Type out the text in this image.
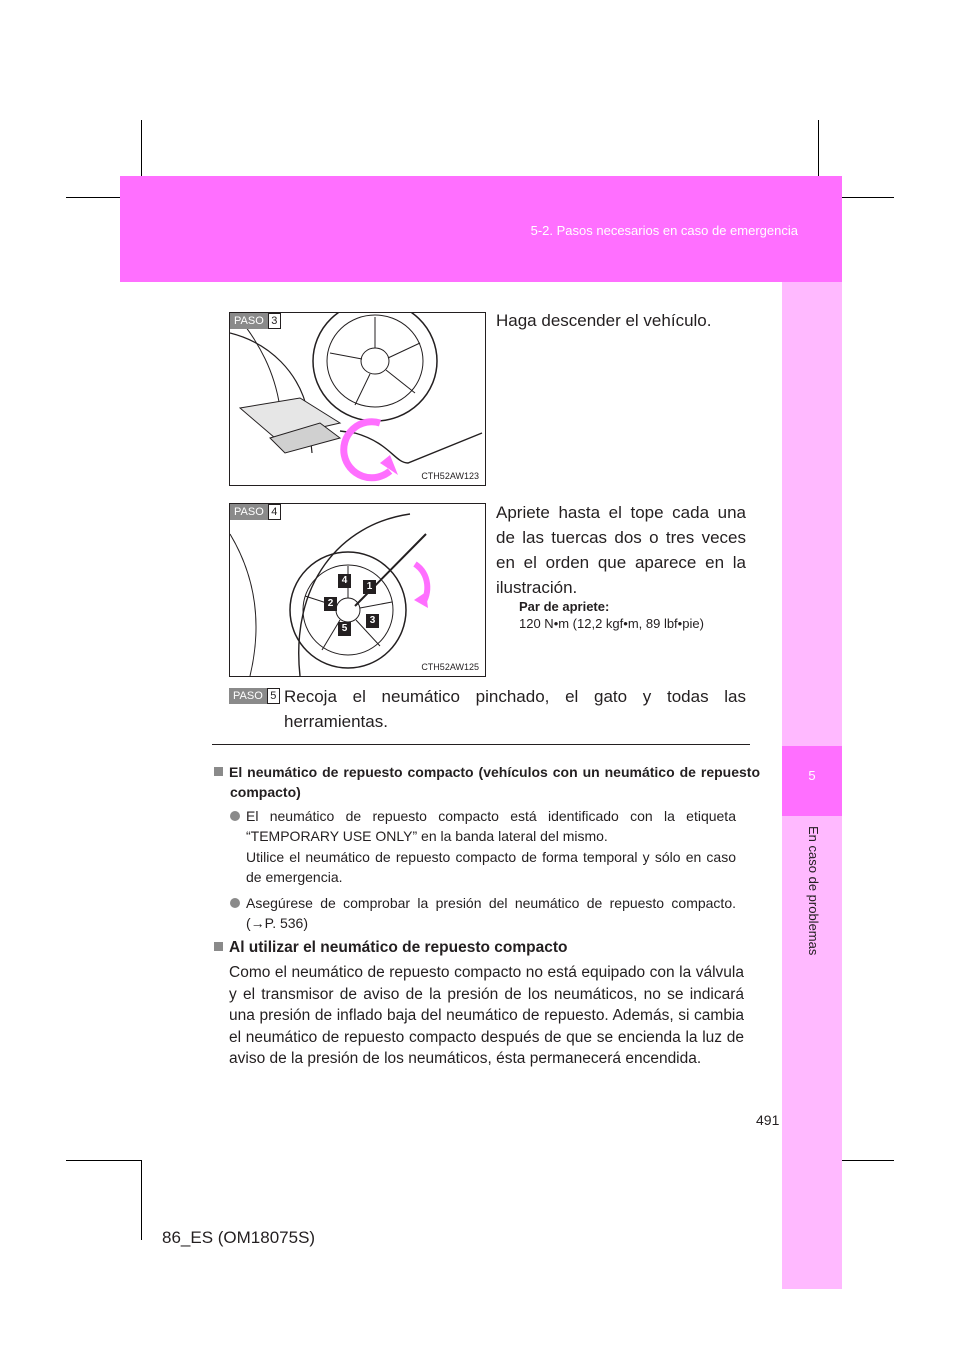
5-2. Pasos necesarios en caso de emergencia
5
En caso de problemas
PASO 3
CTH52AW123
Haga descender el vehículo.
4
1
2
3
5
PASO 4
CTH52AW125
Apriete hasta el tope cada una de las tuercas dos o tres veces en el orden que aparece en la ilustración.
Par de apriete:
120 N•m (12,2 kgf•m, 89 lbf•pie)
PASO 5 Recoja el neumático pinchado, el gato y todas las herramientas.
El neumático de repuesto compacto (vehículos con un neumático de repuesto compacto)
El neumático de repuesto compacto está identificado con la etiqueta “TEMPORARY USE ONLY” en la banda lateral del mismo.
Utilice el neumático de repuesto compacto de forma temporal y sólo en caso de emergencia.
Asegúrese de comprobar la presión del neumático de repuesto compacto. (→P. 536)
Al utilizar el neumático de repuesto compacto
Como el neumático de repuesto compacto no está equipado con la válvula y el transmisor de aviso de la presión de los neumáticos, no se indicará una presión de inflado baja del neumático de repuesto. Además, si cambia el neumático de repuesto compacto después de que se encienda la luz de aviso de la presión de los neumáticos, ésta permanecerá encendida.
491
86_ES (OM18075S)
